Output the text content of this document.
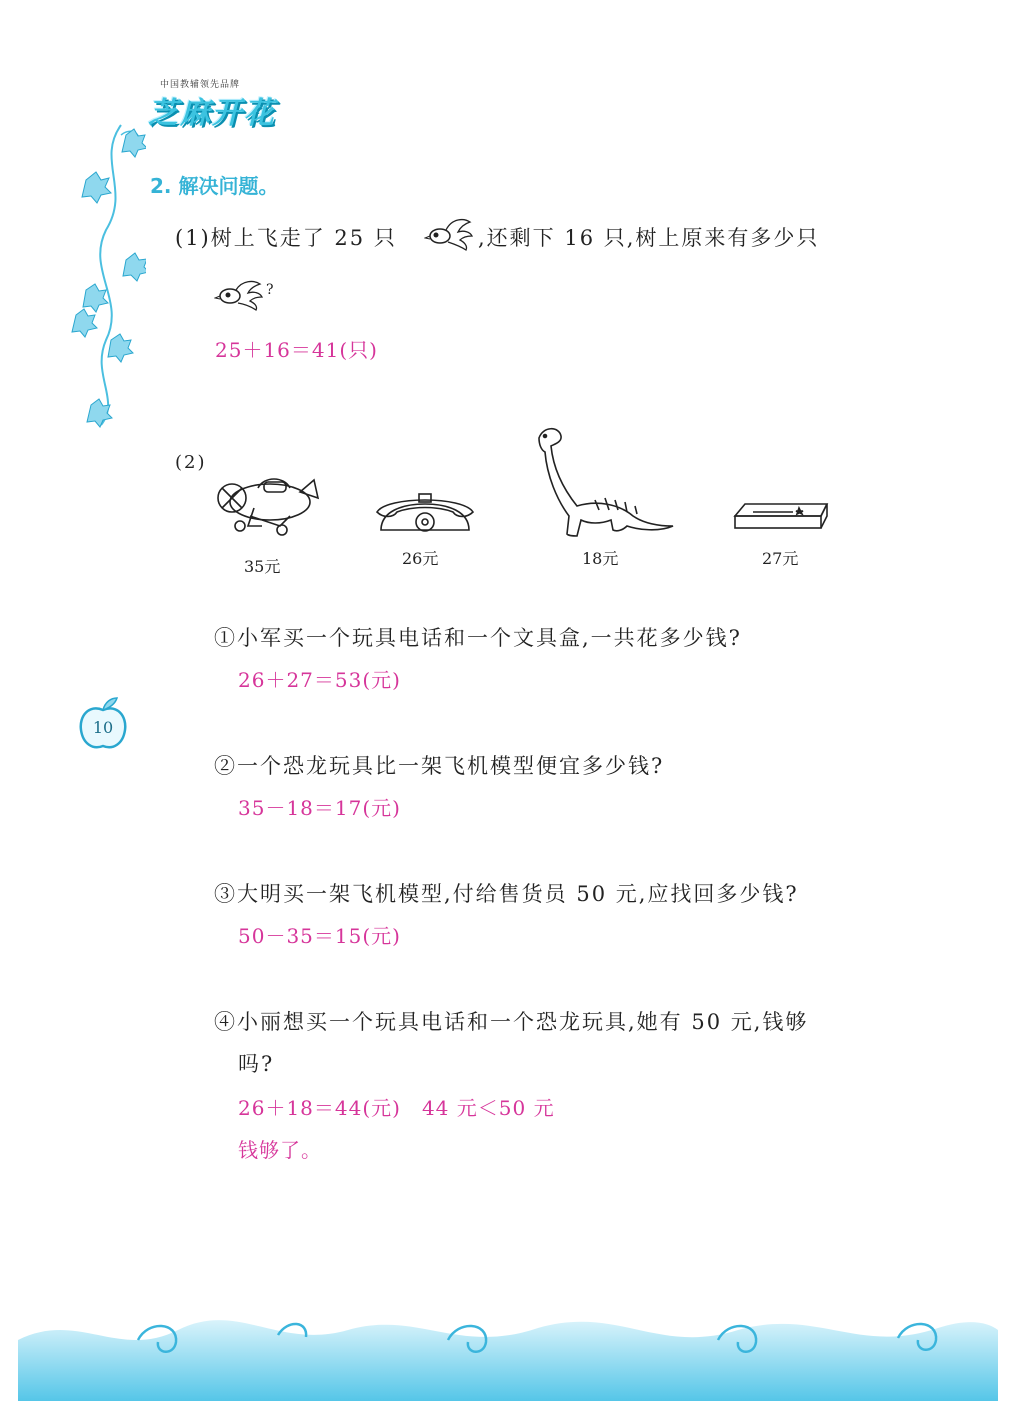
中国教辅领先品牌
芝麻开花
2. 解决问题。
(1)树上飞走了 25 只	,还剩下 16 只,树上原来有多少只
?
25＋16＝41(只)
(2)
35元	26元	18元	27元
①小军买一个玩具电话和一个文具盒,一共花多少钱?
26＋27＝53(元)
②一个恐龙玩具比一架飞机模型便宜多少钱?
35－18＝17(元)
③大明买一架飞机模型,付给售货员 50 元,应找回多少钱?
50－35＝15(元)
④小丽想买一个玩具电话和一个恐龙玩具,她有 50 元,钱够
吗?
26＋18＝44(元)　44 元＜50 元
钱够了。
10
